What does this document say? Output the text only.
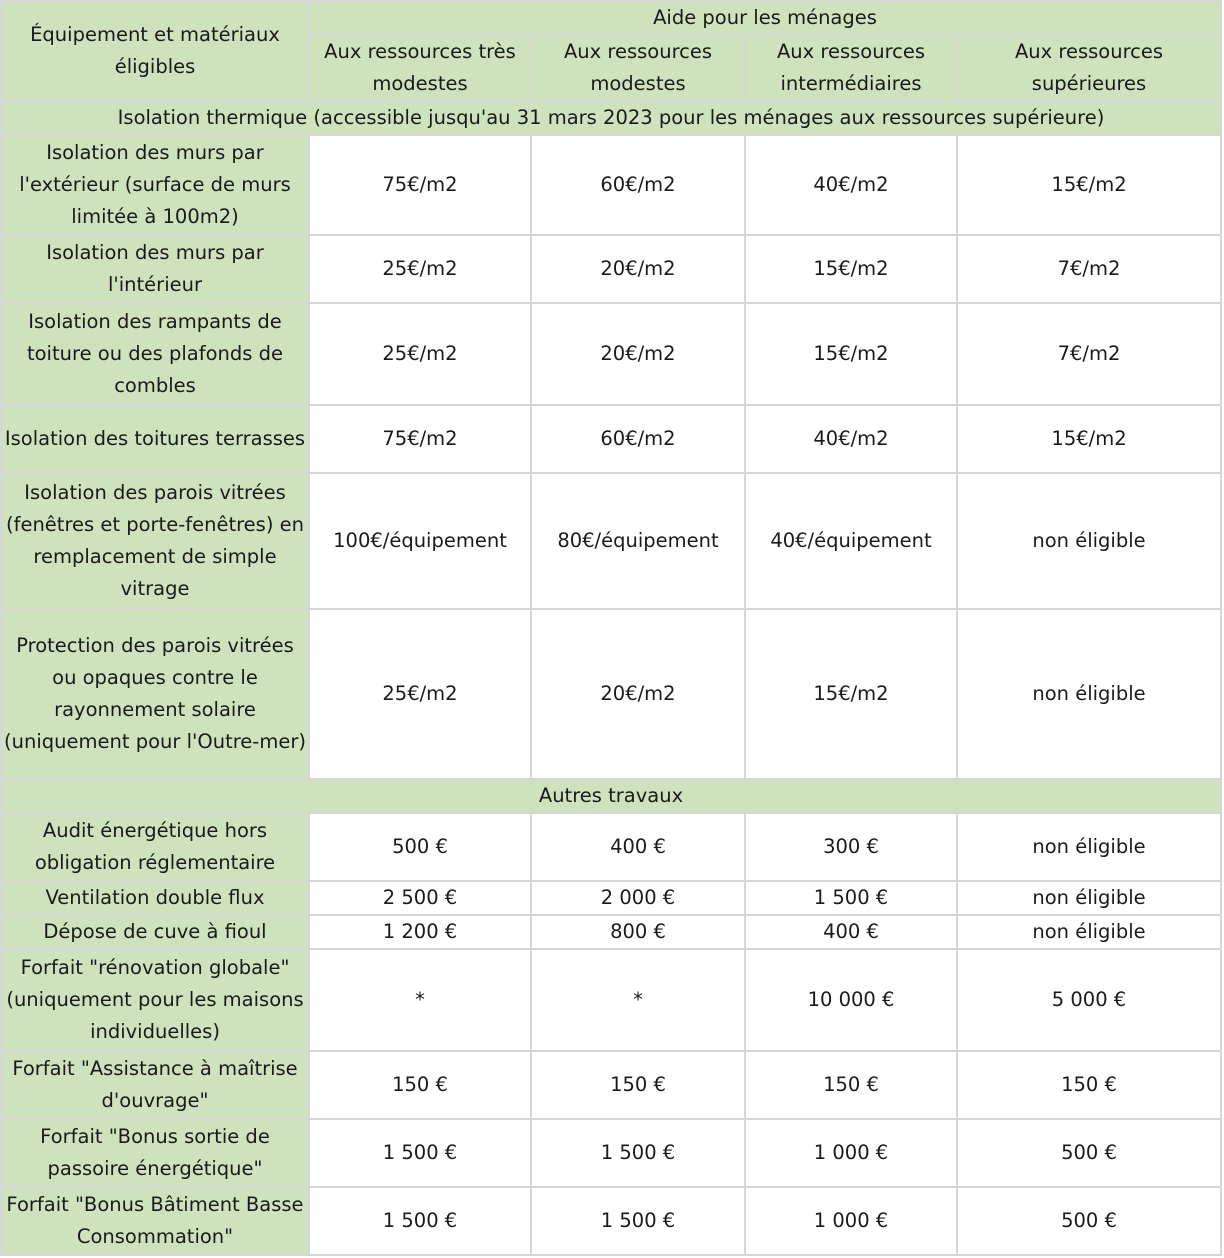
Équipement et matériaux éligibles	Aide pour les ménages			
	Aux ressources très modestes	Aux ressources modestes	Aux ressources intermédiaires	Aux ressources supérieures
Isolation thermique (accessible jusqu'au 31 mars 2023 pour les ménages aux ressources supérieure)				
Isolation des murs par l'extérieur (surface de murs limitée à 100m2)	75€/m2	60€/m2	40€/m2	15€/m2
Isolation des murs par l'intérieur	25€/m2	20€/m2	15€/m2	7€/m2
Isolation des rampants de toiture ou des plafonds de combles	25€/m2	20€/m2	15€/m2	7€/m2
Isolation des toitures terrasses	75€/m2	60€/m2	40€/m2	15€/m2
Isolation des parois vitrées (fenêtres et porte-fenêtres) en remplacement de simple vitrage	100€/équipement	80€/équipement	40€/équipement	non éligible
Protection des parois vitrées ou opaques contre le rayonnement solaire (uniquement pour l'Outre-mer)	25€/m2	20€/m2	15€/m2	non éligible
Autres travaux				
Audit énergétique hors obligation réglementaire	500 €	400 €	300 €	non éligible
Ventilation double flux	2 500 €	2 000 €	1 500 €	non éligible
Dépose de cuve à fioul	1 200 €	800 €	400 €	non éligible
Forfait "rénovation globale" (uniquement pour les maisons individuelles)	*	*	10 000 €	5 000 €
Forfait "Assistance à maîtrise d'ouvrage"	150 €	150 €	150 €	150 €
Forfait "Bonus sortie de passoire énergétique"	1 500 €	1 500 €	1 000 €	500 €
Forfait "Bonus Bâtiment Basse Consommation"	1 500 €	1 500 €	1 000 €	500 €
